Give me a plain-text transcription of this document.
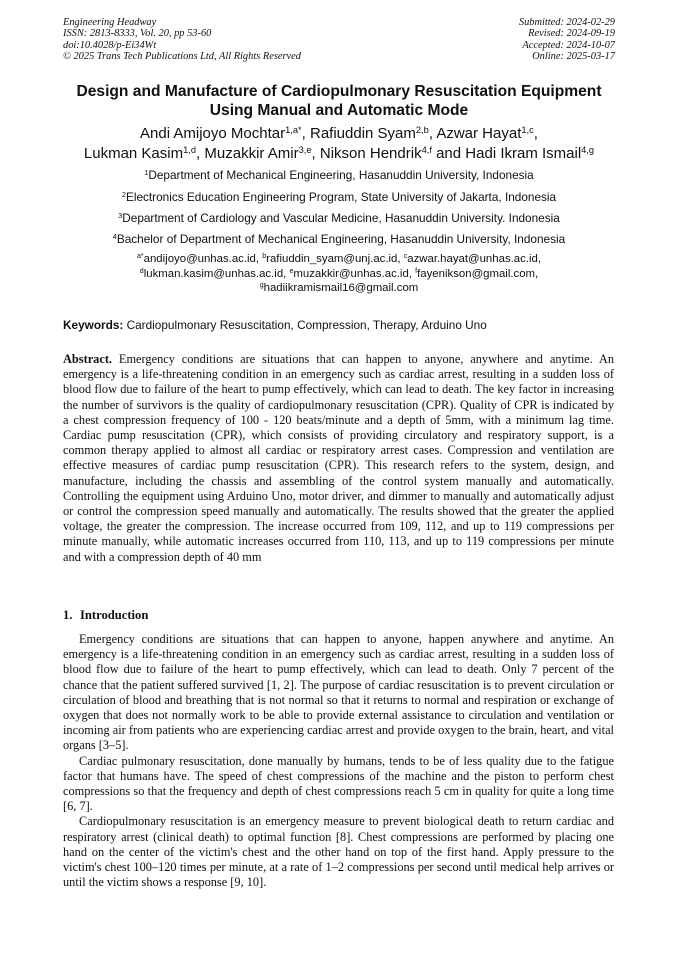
Engineering Headway
ISSN: 2813-8333, Vol. 20, pp 53-60
doi:10.4028/p-Ei34Wt
© 2025 Trans Tech Publications Ltd, All Rights Reserved
Submitted: 2024-02-29
Revised: 2024-09-19
Accepted: 2024-10-07
Online: 2025-03-17
Design and Manufacture of Cardiopulmonary Resuscitation Equipment
Using Manual and Automatic Mode
Andi Amijoyo Mochtar$^{1,a*}$, Rafiuddin Syam$^{2,b}$, Azwar Hayat$^{1,c}$,
Lukman Kasim$^{1,d}$, Muzakkir Amir$^{3,e}$, Nikson Hendrik$^{4,f}$ and Hadi Ikram Ismail$^{4,g}$
$^1$Department of Mechanical Engineering, Hasanuddin University, Indonesia
$^2$Electronics Education Engineering Program, State University of Jakarta, Indonesia
$^3$Department of Cardiology and Vascular Medicine, Hasanuddin University. Indonesia
$^4$Bachelor of Department of Mechanical Engineering, Hasanuddin University, Indonesia
$^{a*}$andijoyo@unhas.ac.id, $^b$rafiuddin_syam@unj.ac.id, $^c$azwar.hayat@unhas.ac.id,
$^d$lukman.kasim@unhas.ac.id, $^e$muzakkir@unhas.ac.id, $^f$fayenikson@gmail.com,
$^g$hadiikramismail16@gmail.com
Keywords: Cardiopulmonary Resuscitation, Compression, Therapy, Arduino Uno
Abstract. Emergency conditions are situations that can happen to anyone, anywhere and anytime. An emergency is a life-threatening condition in an emergency such as cardiac arrest, resulting in a sudden loss of blood flow due to failure of the heart to pump effectively, which can lead to death. The key factor in increasing the number of survivors is the quality of cardiopulmonary resuscitation (CPR). Quality of CPR is indicated by a chest compression frequency of 100 - 120 beats/minute and a depth of 5mm, with a minimum lag time. Cardiac pump resuscitation (CPR), which consists of providing circulatory and respiratory support, is a common therapy applied to almost all cardiac or respiratory arrest cases. Compression and ventilation are effective measures of cardiac pump resuscitation (CPR). This research refers to the system, design, and manufacture, including the chassis and assembling of the control system manually and automatically. Controlling the equipment using Arduino Uno, motor driver, and dimmer to manually and automatically adjust or control the compression speed manually and automatically. The results showed that the greater the applied voltage, the greater the compression. The increase occurred from 109, 112, and up to 119 compressions per minute manually, while automatic increases occurred from 110, 113, and up to 119 compressions per minute and with a compression depth of 40 mm
1. Introduction

Emergency conditions are situations that can happen to anyone, happen anywhere and anytime. An emergency is a life-threatening condition in an emergency such as cardiac arrest, resulting in a sudden loss of blood flow due to failure of the heart to pump effectively, which can lead to death. Only 7 percent of the chance that the patient suffered survived [1, 2]. The purpose of cardiac resuscitation is to prevent circulation or circulation of blood and breathing that is not normal so that it returns to normal and respiration or exchange of oxygen that does not normally work to be able to provide external assistance to circulation and ventilation or incoming air from patients who are experiencing cardiac arrest and provide oxygen to the brain, heart, and vital organs [3–5].

Cardiac pulmonary resuscitation, done manually by humans, tends to be of less quality due to the fatigue factor that humans have. The speed of chest compressions of the machine and the piston to perform chest compressions so that the frequency and depth of chest compressions reach 5 cm in quality for quite a long time [6, 7].

Cardiopulmonary resuscitation is an emergency measure to prevent biological death to return cardiac and respiratory arrest (clinical death) to optimal function [8]. Chest compressions are performed by placing one hand on the center of the victim's chest and the other hand on top of the first hand. Apply pressure to the victim's chest 100–120 times per minute, at a rate of 1–2 compressions per second until medical help arrives or until the victim shows a response [9, 10].
